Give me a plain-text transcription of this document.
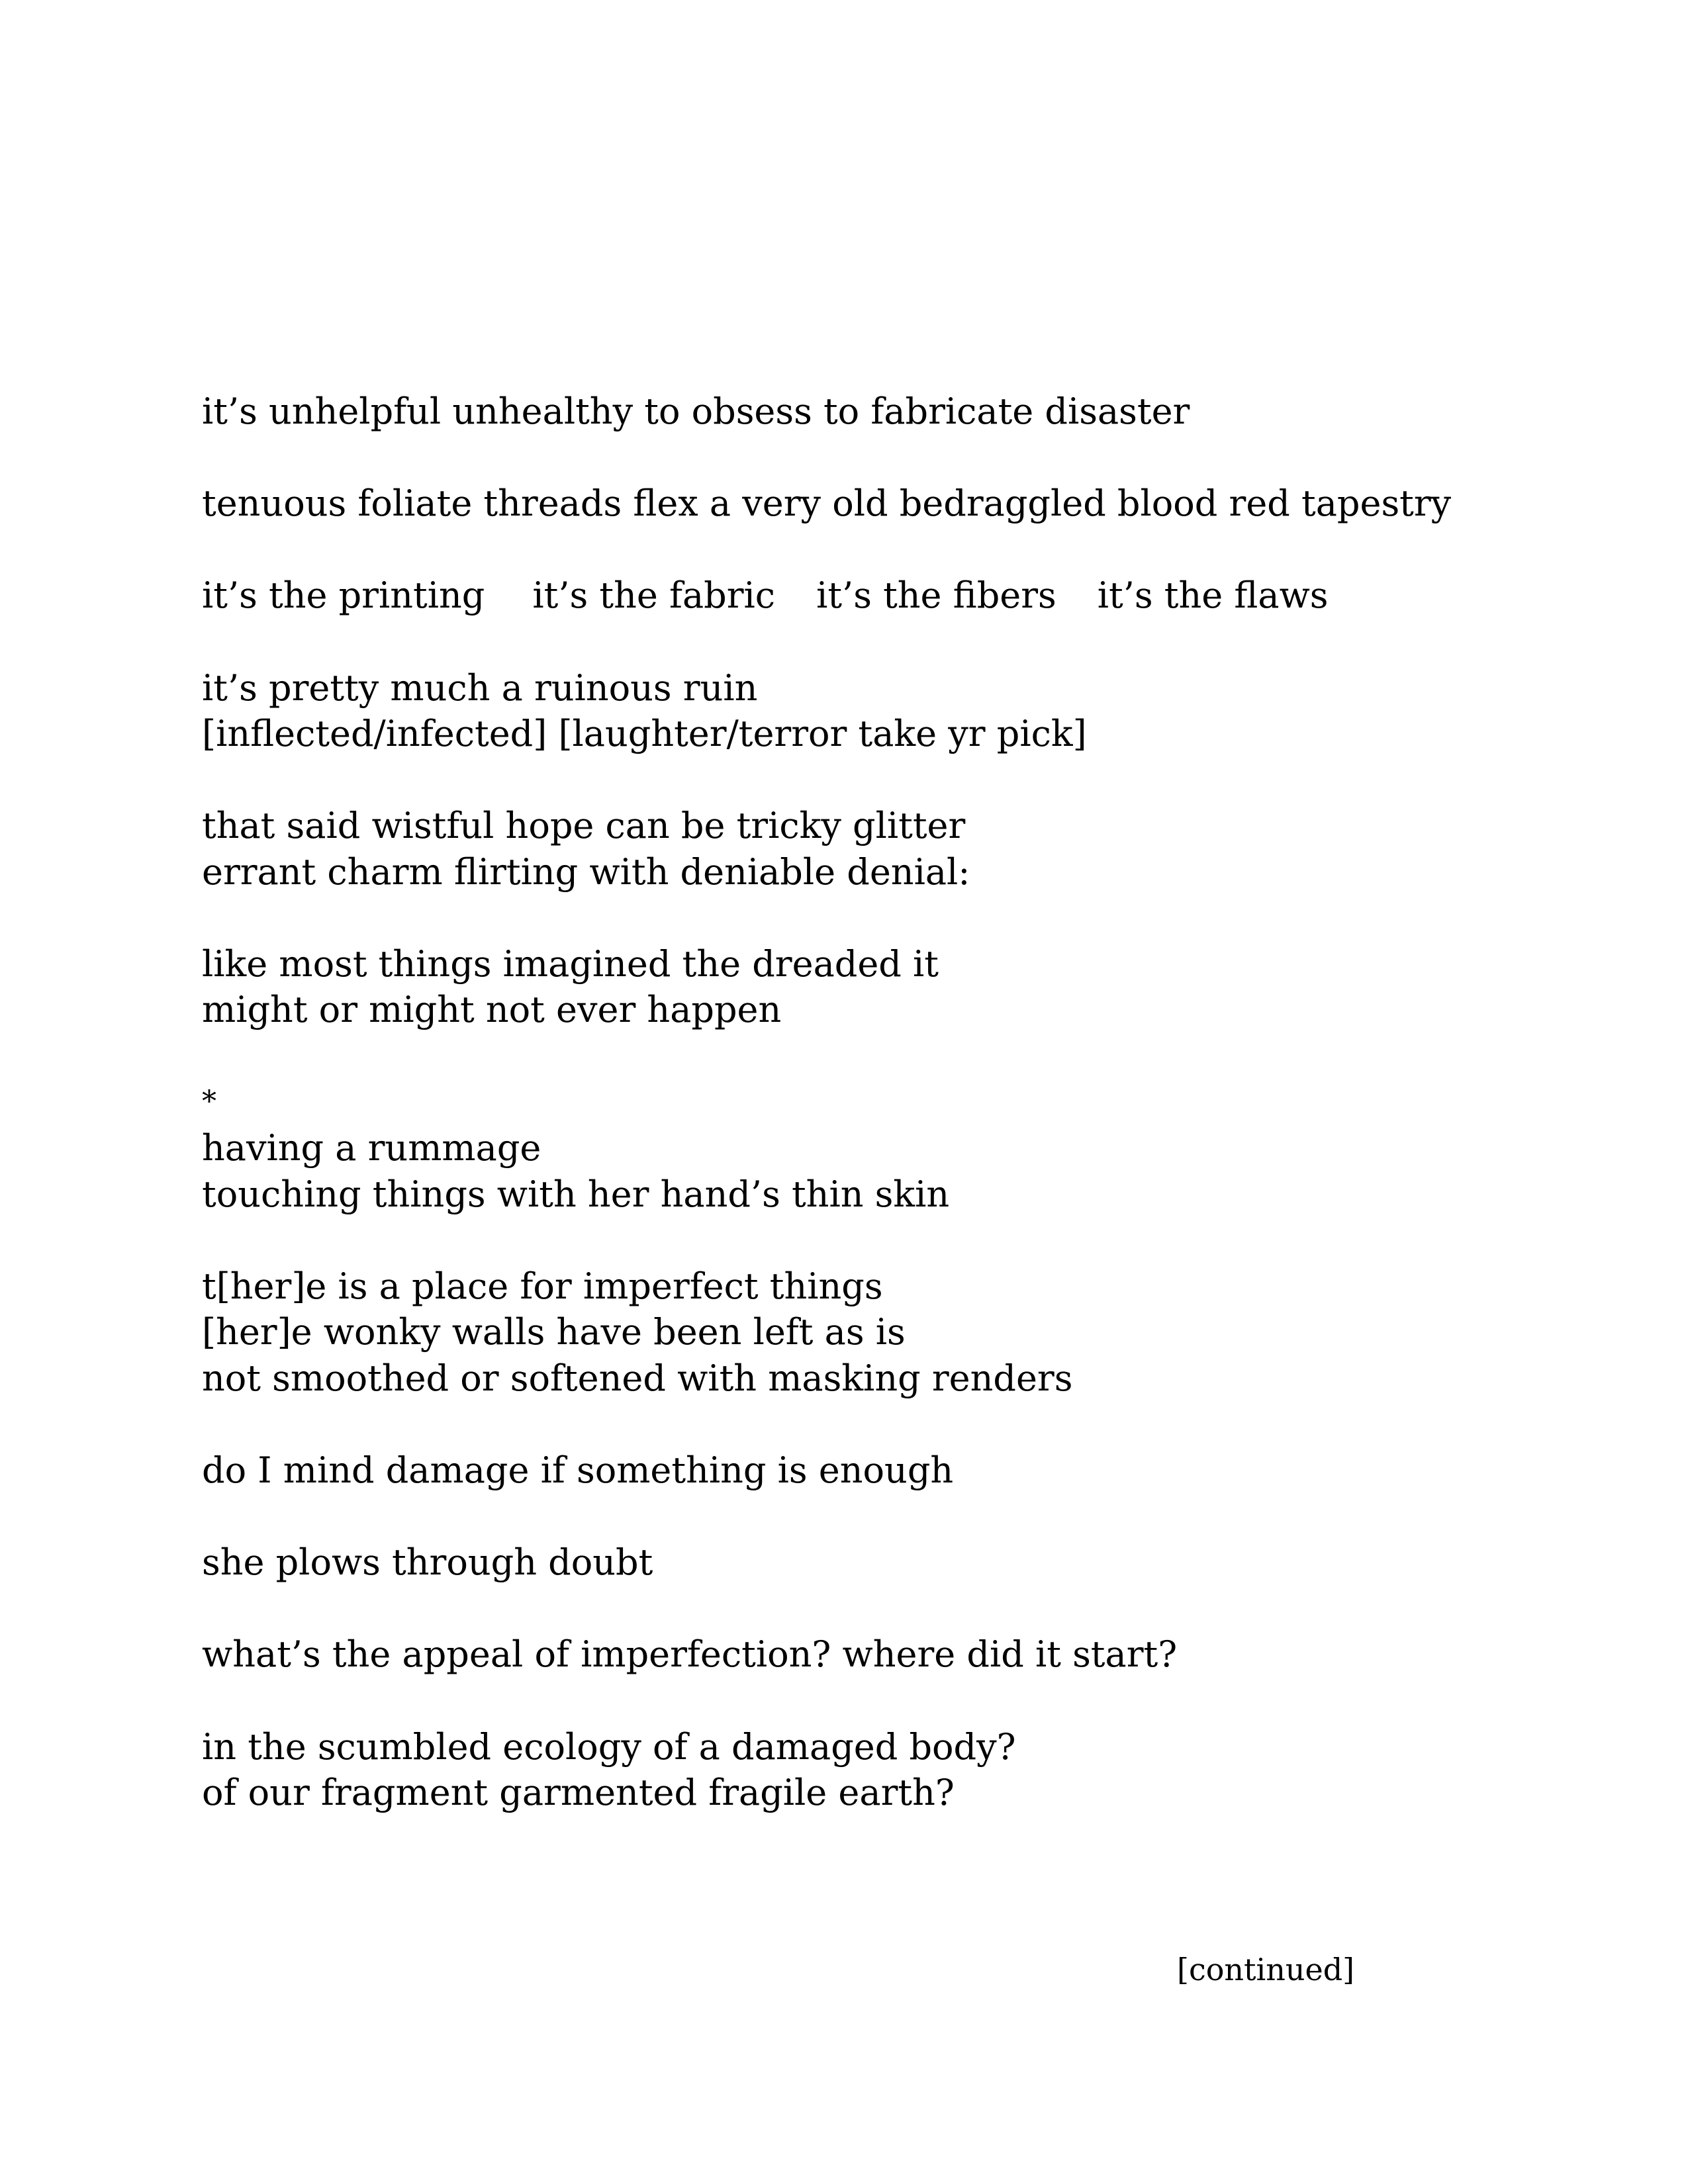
it’s unhelpful unhealthy to obsess to fabricate disaster

tenuous foliate threads flex a very old bedraggled blood red tapestry

it’s the printing it’s the fabric it’s the fibers it’s the flaws

it’s pretty much a ruinous ruin

[inflected/infected] [laughter/terror take yr pick]

that said wistful hope can be tricky glitter

errant charm flirting with deniable denial:

like most things imagined the dreaded it

might or might not ever happen

*

having a rummage

touching things with her hand’s thin skin

t[her]e is a place for imperfect things

[her]e wonky walls have been left as is

not smoothed or softened with masking renders

do I mind damage if something is enough

she plows through doubt

what’s the appeal of imperfection? where did it start?

in the scumbled ecology of a damaged body?

of our fragment garmented fragile earth?

[continued]
